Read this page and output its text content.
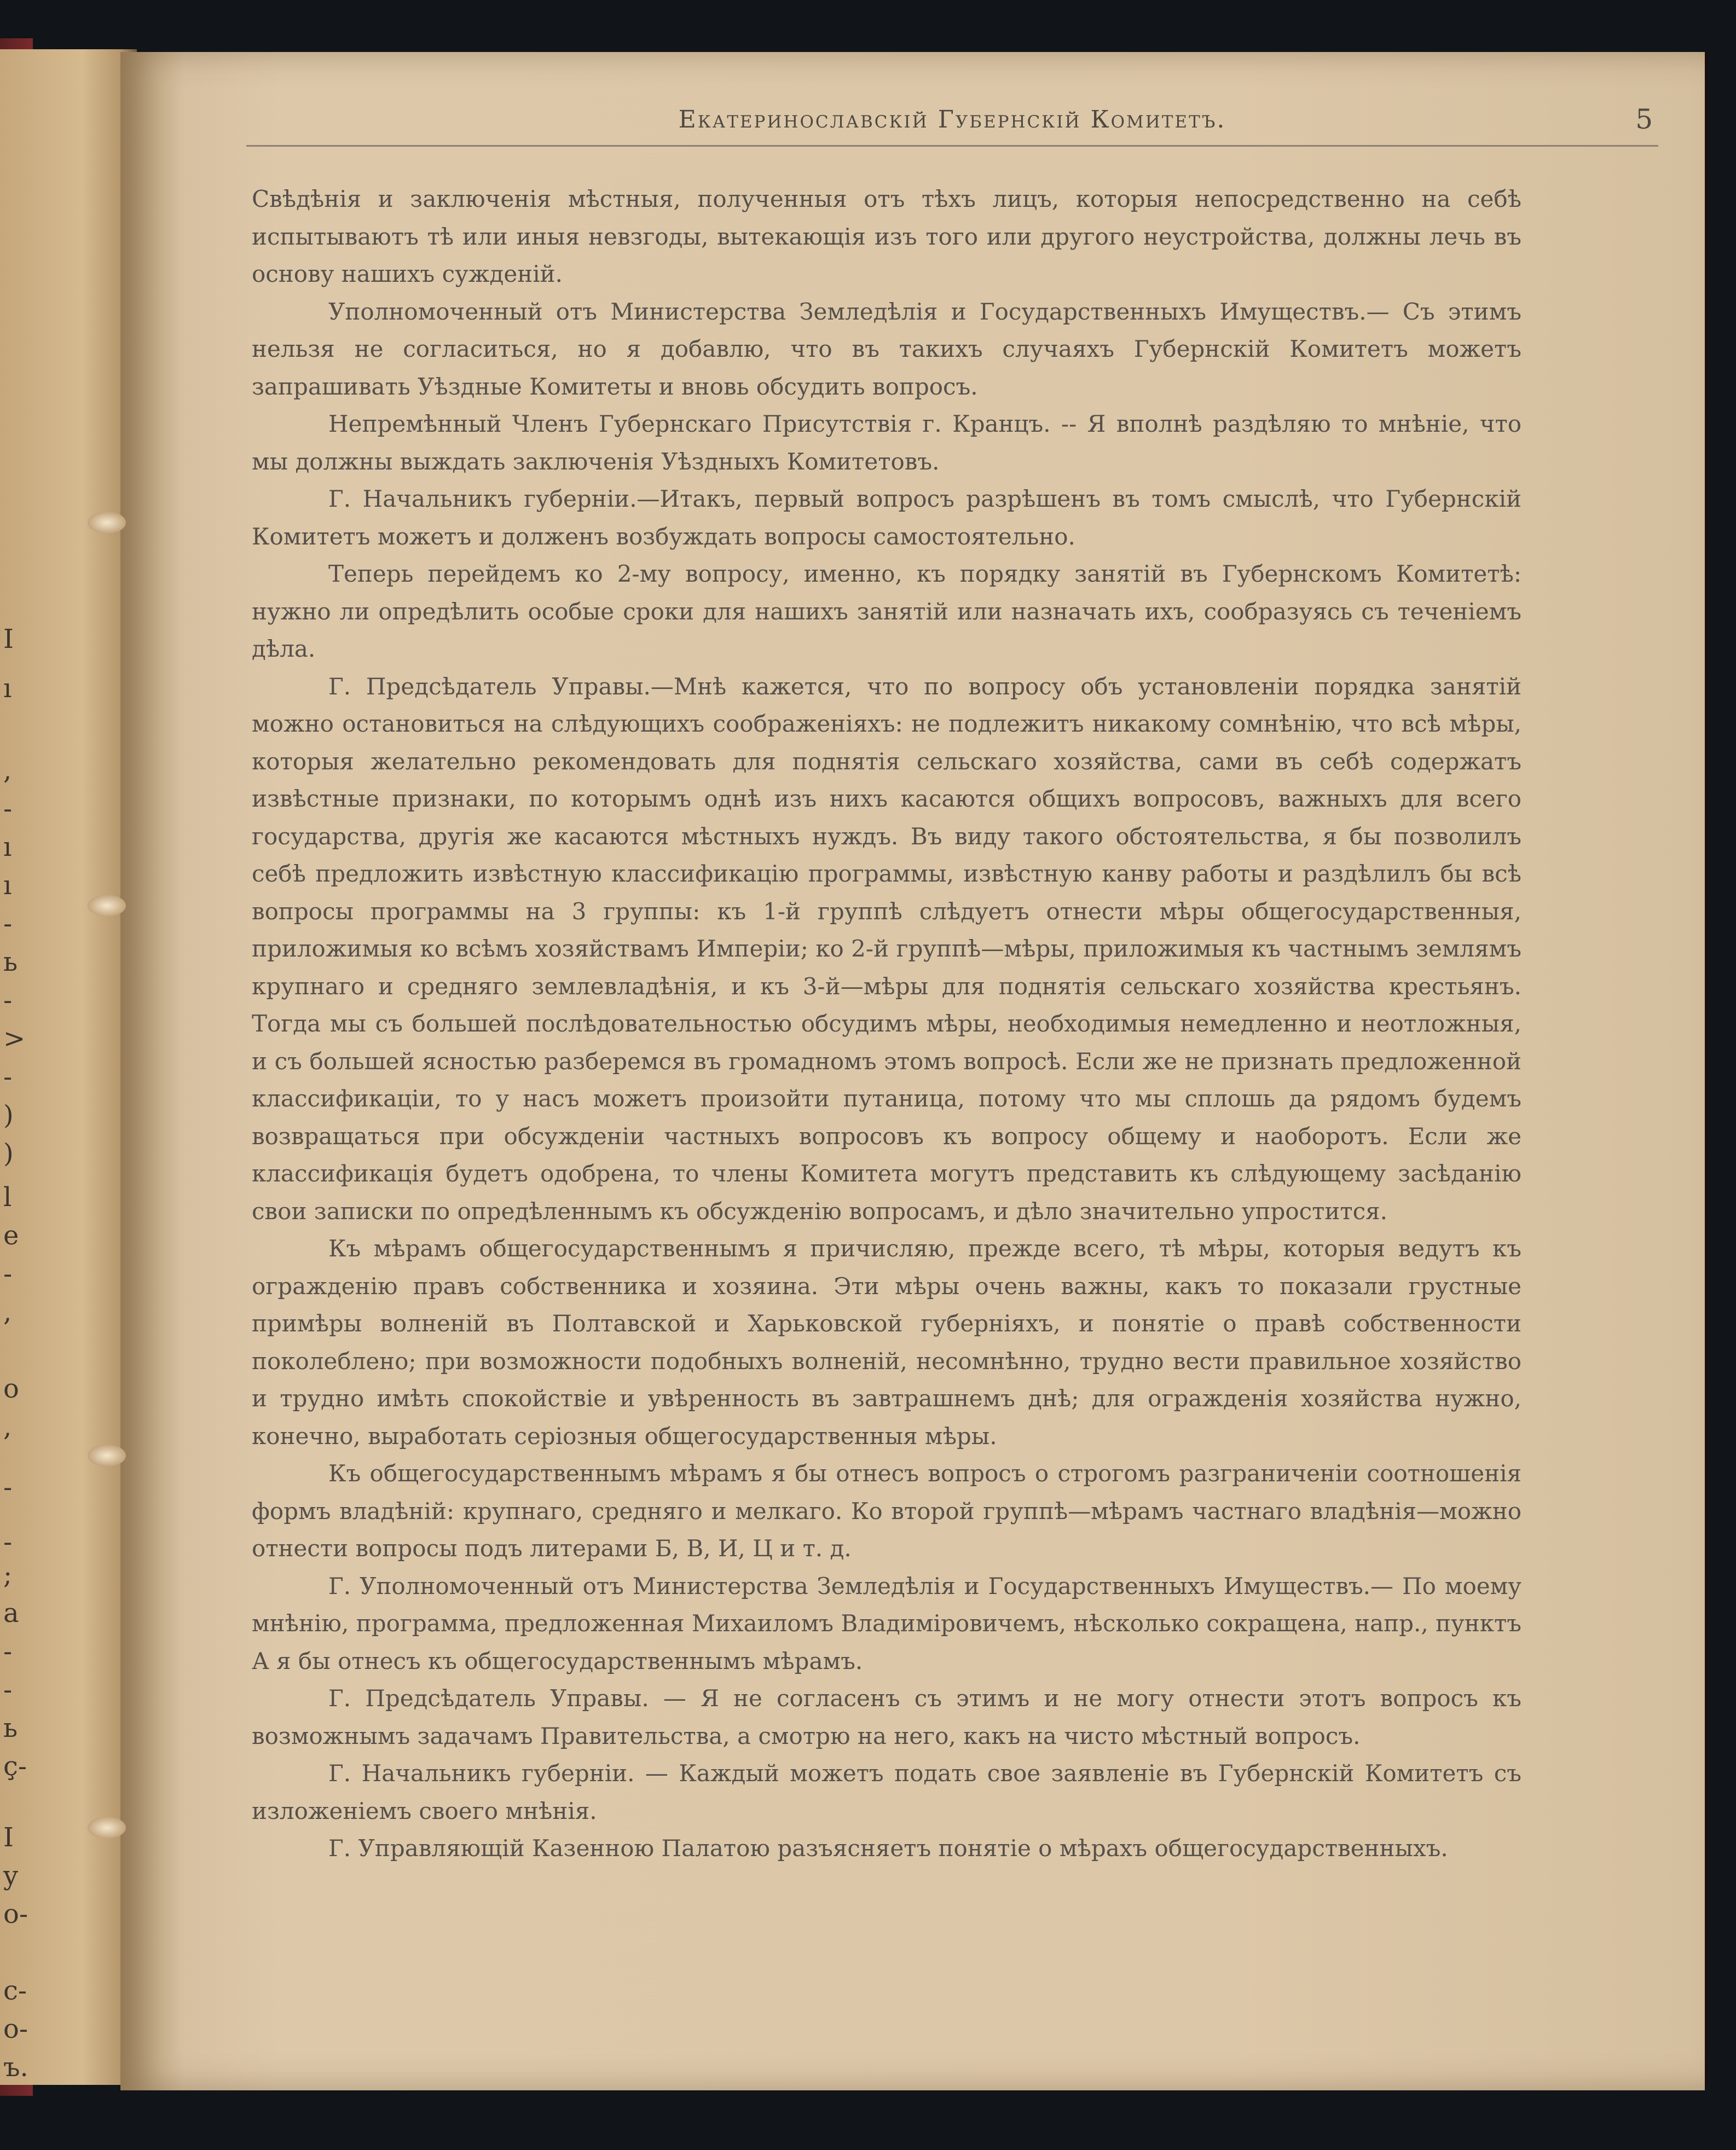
I
ı
,
-
ı
ı
-
ь
-
>
-
)
)
l
e
-
,
o
,
-
-
;
a
-
-
ь
ç-
I
y
o-
c-
o-
ъ.
Екатеринославскій Губернскій Комитетъ.	5

Свѣдѣнія и заключенія мѣстныя, полученныя отъ тѣхъ лицъ, которыя непосредственно на себѣ испытываютъ тѣ или иныя невзгоды, вытекающія изъ того или другого неустройства, должны лечь въ основу нашихъ сужденій.

Уполномоченный отъ Министерства Земледѣлія и Государственныхъ Имуществъ.— Съ этимъ нельзя не согласиться, но я добавлю, что въ такихъ случаяхъ Губернскій Комитетъ можетъ запрашивать Уѣздные Комитеты и вновь обсудить вопросъ.

Непремѣнный Членъ Губернскаго Присутствія г. Кранцъ. -- Я вполнѣ раздѣляю то мнѣніе, что мы должны выждать заключенія Уѣздныхъ Комитетовъ.

Г. Начальникъ губерніи.—Итакъ, первый вопросъ разрѣшенъ въ томъ смыслѣ, что Губернскій Комитетъ можетъ и долженъ возбуждать вопросы самостоятельно.

Теперь перейдемъ ко 2-му вопросу, именно, къ порядку занятій въ Губернскомъ Комитетѣ: нужно ли опредѣлить особые сроки для нашихъ занятій или назначать ихъ, сообразуясь съ теченіемъ дѣла.

Г. Предсѣдатель Управы.—Мнѣ кажется, что по вопросу объ установленіи порядка занятій можно остановиться на слѣдующихъ соображеніяхъ: не подлежитъ никакому сомнѣнію, что всѣ мѣры, которыя желательно рекомендовать для поднятія сельскаго хозяйства, сами въ себѣ содержатъ извѣстные признаки, по которымъ однѣ изъ нихъ касаются общихъ вопросовъ, важныхъ для всего государства, другія же касаются мѣстныхъ нуждъ. Въ виду такого обстоятельства, я бы позволилъ себѣ предложить извѣстную классификацію программы, извѣстную канву работы и раздѣлилъ бы всѣ вопросы программы на 3 группы: къ 1-й группѣ слѣдуетъ отнести мѣры общегосударственныя, приложимыя ко всѣмъ хозяйствамъ Имперіи; ко 2-й группѣ—мѣры, приложимыя къ частнымъ землямъ крупнаго и средняго землевладѣнія, и къ 3-й—мѣры для поднятія сельскаго хозяйства крестьянъ. Тогда мы съ большей послѣдовательностью обсудимъ мѣры, необходимыя немедленно и неотложныя, и съ большей ясностью разберемся въ громадномъ этомъ вопросѣ. Если же не признать предложенной классификаціи, то у насъ можетъ произойти путаница, потому что мы сплошь да рядомъ будемъ возвращаться при обсужденіи частныхъ вопросовъ къ вопросу общему и наоборотъ. Если же классификація будетъ одобрена, то члены Комитета могутъ представить къ слѣдующему засѣданію свои записки по опредѣленнымъ къ обсужденію вопросамъ, и дѣло значительно упростится.

Къ мѣрамъ общегосударственнымъ я причисляю, прежде всего, тѣ мѣры, которыя ведутъ къ огражденію правъ собственника и хозяина. Эти мѣры очень важны, какъ то показали грустные примѣры волненій въ Полтавской и Харьковской губерніяхъ, и понятіе о правѣ собственности поколеблено; при возможности подобныхъ волненій, несомнѣнно, трудно вести правильное хозяйство и трудно имѣть спокойствіе и увѣренность въ завтрашнемъ днѣ; для огражденія хозяйства нужно, конечно, выработать серіозныя общегосударственныя мѣры.

Къ общегосударственнымъ мѣрамъ я бы отнесъ вопросъ о строгомъ разграниченіи соотношенія формъ владѣній: крупнаго, средняго и мелкаго. Ко второй группѣ—мѣрамъ частнаго владѣнія—можно отнести вопросы подъ литерами Б, В, И, Ц и т. д.

Г. Уполномоченный отъ Министерства Земледѣлія и Государственныхъ Имуществъ.— По моему мнѣнію, программа, предложенная Михаиломъ Владиміровичемъ, нѣсколько сокращена, напр., пунктъ А я бы отнесъ къ общегосударственнымъ мѣрамъ.

Г. Предсѣдатель Управы. — Я не согласенъ съ этимъ и не могу отнести этотъ вопросъ къ возможнымъ задачамъ Правительства, а смотрю на него, какъ на чисто мѣстный вопросъ.

Г. Начальникъ губерніи. — Каждый можетъ подать свое заявленіе въ Губернскій Комитетъ съ изложеніемъ своего мнѣнія.

Г. Управляющій Казенною Палатою разъясняетъ понятіе о мѣрахъ общегосударственныхъ.
